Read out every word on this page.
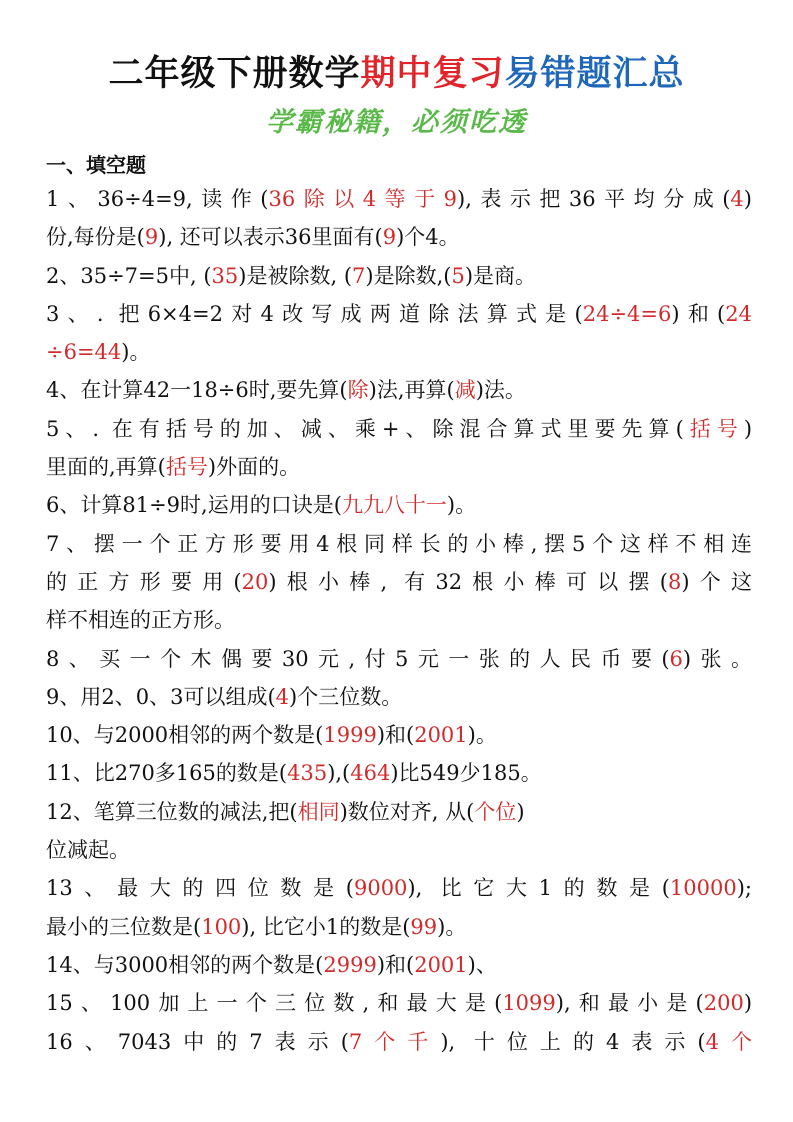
二年级下册数学期中复习易错题汇总
学霸秘籍，必须吃透
一、填空题

1、36÷4=9,读作(36除以4等于9),表示把36平均分成(4)

份,每份是(9), 还可以表示36里面有(9)个4。

2、35÷7=5中, (35)是被除数, (7)是除数,(5)是商。

3、. 把6×4=2对4改写成两道除法算式是(24÷4=6)和(24

÷6=44)。

4、在计算42一18÷6时,要先算(除)法,再算(减)法。

5、. 在有括号的加、减、乘+、除混合算式里要先算(括号)

里面的,再算(括号)外面的。

6、计算81÷9时,运用的口诀是(九九八十一)。

7、摆一个正方形要用4根同样长的小棒,摆5个这样不相连

的正方形要用(20)根小棒, 有32根小棒可以摆(8)个这

样不相连的正方形。

8、买一个木偶要30元,付5元一张的人民币要(6)张。

9、用2、0、3可以组成(4)个三位数。

10、与2000相邻的两个数是(1999)和(2001)。

11、比270多165的数是(435),(464)比549少185。

12、笔算三位数的减法,把(相同)数位对齐, 从(个位)

位减起。

13、最大的四位数是(9000), 比它大1的数是(10000);

最小的三位数是(100), 比它小1的数是(99)。

14、与3000相邻的两个数是(2999)和(2001)、

15、100加上一个三位数,和最大是(1099),和最小是(200)

16、7043中的7表示(7个千), 十位上的4表示(4个
